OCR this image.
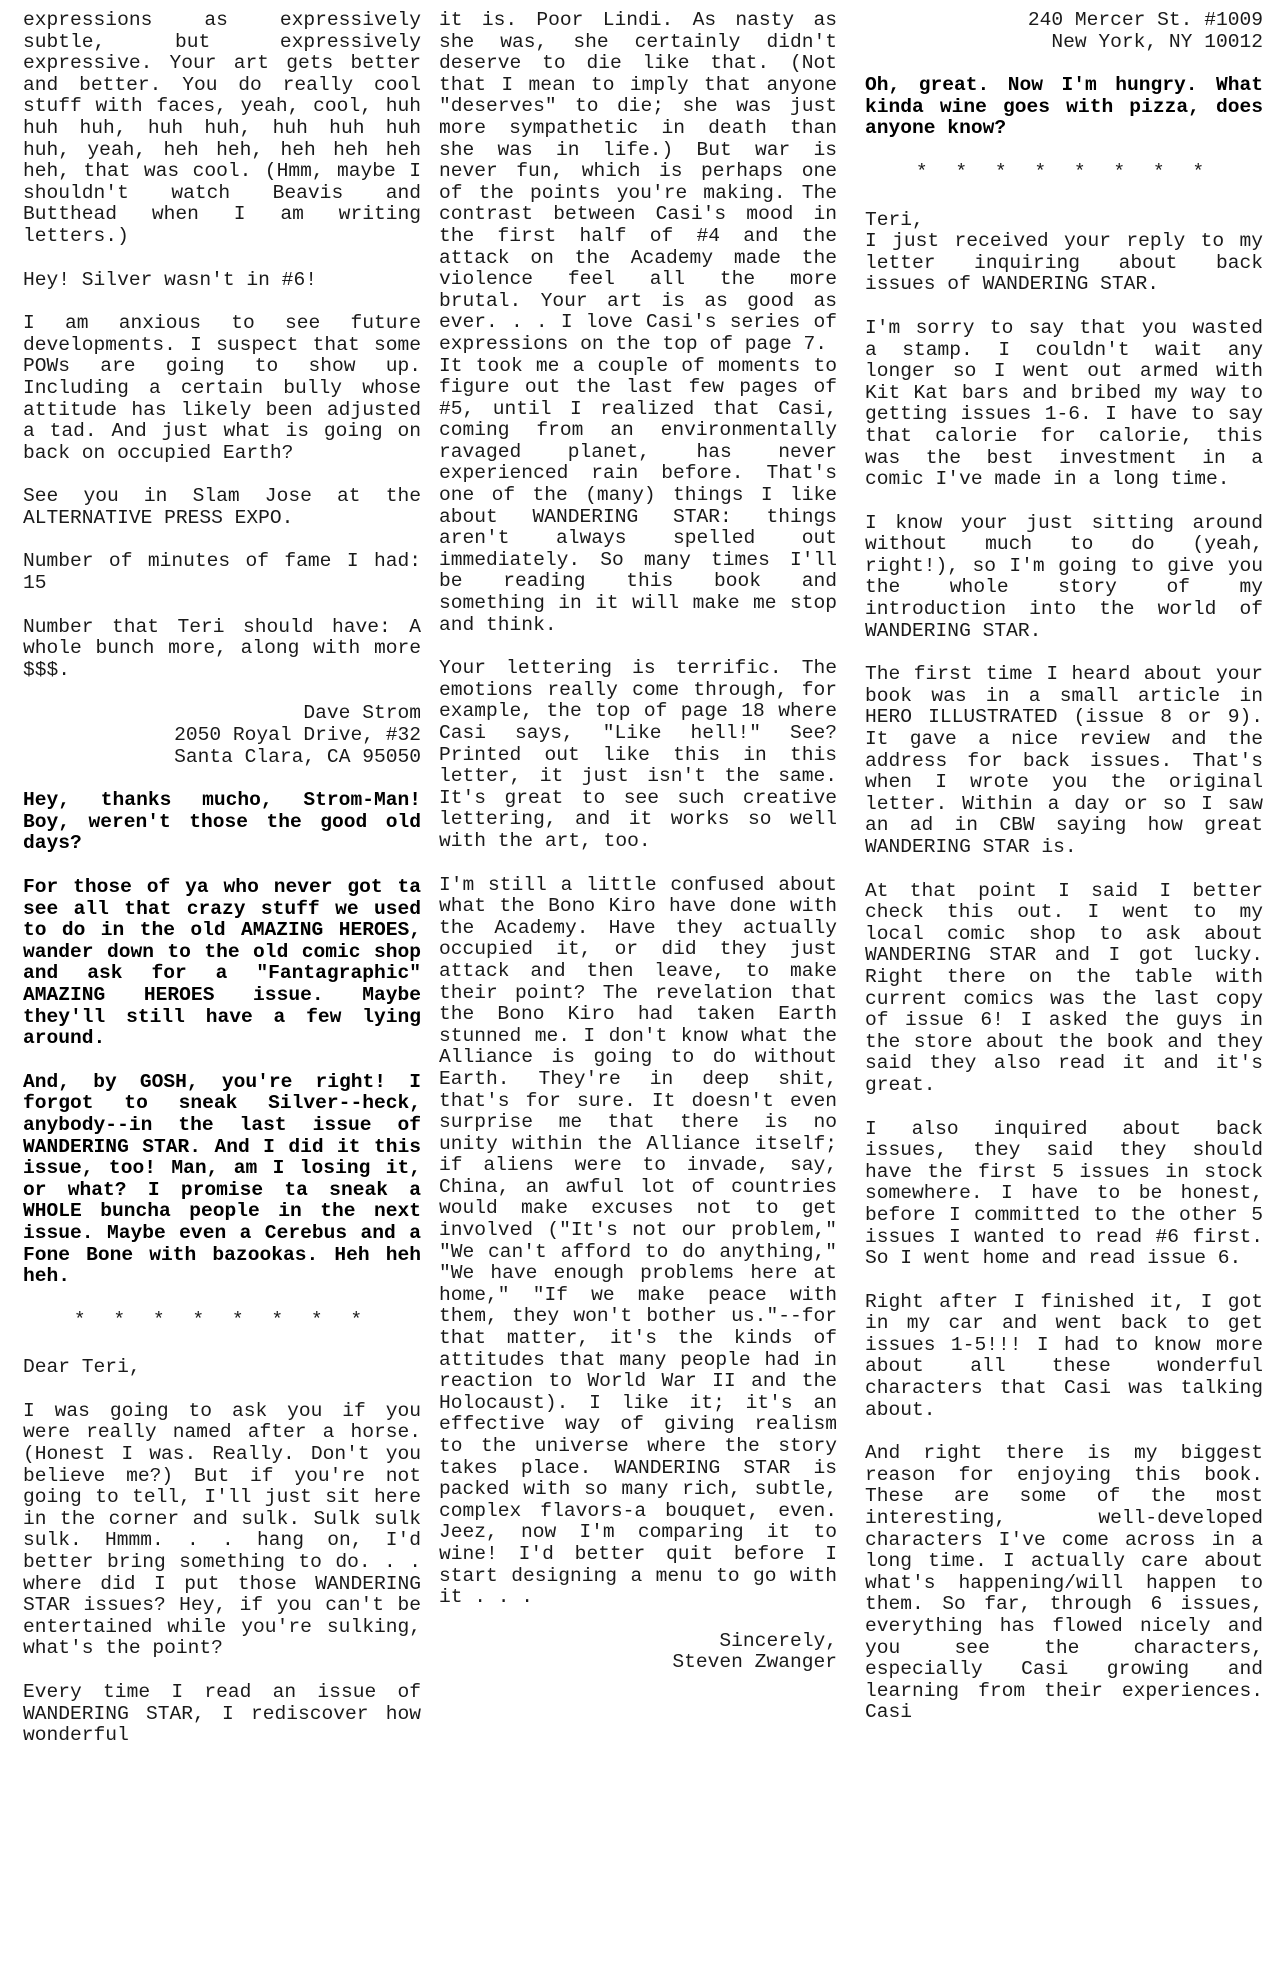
expressions as expressively subtle, but expressively expressive. Your art gets better and better. You do really cool stuff with faces, yeah, cool, huh huh huh, huh huh, huh huh huh huh, yeah, heh heh, heh heh heh heh, that was cool. (Hmm, maybe I shouldn't watch Beavis and Butthead when I am writing letters.)

Hey! Silver wasn't in #6!

I am anxious to see future developments. I suspect that some POWs are going to show up. Including a certain bully whose attitude has likely been adjusted a tad. And just what is going on back on occupied Earth?

See you in Slam Jose at the ALTERNATIVE PRESS EXPO.

Number of minutes of fame I had: 15

Number that Teri should have: A whole bunch more, along with more $$$.

Dave Strom
2050 Royal Drive, #32
Santa Clara, CA 95050

Hey, thanks mucho, Strom-Man! Boy, weren't those the good old days?

For those of ya who never got ta see all that crazy stuff we used to do in the old AMAZING HEROES, wander down to the old comic shop and ask for a "Fantagraphic" AMAZING HEROES issue. Maybe they'll still have a few lying around.

And, by GOSH, you're right! I forgot to sneak Silver--heck, anybody--in the last issue of WANDERING STAR. And I did it this issue, too! Man, am I losing it, or what? I promise ta sneak a WHOLE buncha people in the next issue. Maybe even a Cerebus and a Fone Bone with bazookas. Heh heh heh.

* * * * * * * *

Dear Teri,

I was going to ask you if you were really named after a horse. (Honest I was. Really. Don't you believe me?) But if you're not going to tell, I'll just sit here in the corner and sulk. Sulk sulk sulk. Hmmm. . . hang on, I'd better bring something to do. . . where did I put those WANDERING STAR issues? Hey, if you can't be entertained while you're sulking, what's the point?

Every time I read an issue of WANDERING STAR, I rediscover how wonderful

it is. Poor Lindi. As nasty as she was, she certainly didn't deserve to die like that. (Not that I mean to imply that anyone "deserves" to die; she was just more sympathetic in death than she was in life.) But war is never fun, which is perhaps one of the points you're making. The contrast between Casi's mood in the first half of #4 and the attack on the Academy made the violence feel all the more brutal. Your art is as good as ever. . . I love Casi's series of expressions on the top of page 7.

It took me a couple of moments to figure out the last few pages of #5, until I realized that Casi, coming from an environmentally ravaged planet, has never experienced rain before. That's one of the (many) things I like about WANDERING STAR: things aren't always spelled out immediately. So many times I'll be reading this book and something in it will make me stop and think.

Your lettering is terrific. The emotions really come through, for example, the top of page 18 where Casi says, "Like hell!" See? Printed out like this in this letter, it just isn't the same. It's great to see such creative lettering, and it works so well with the art, too.

I'm still a little confused about what the Bono Kiro have done with the Academy. Have they actually occupied it, or did they just attack and then leave, to make their point? The revelation that the Bono Kiro had taken Earth stunned me. I don't know what the Alliance is going to do without Earth. They're in deep shit, that's for sure. It doesn't even surprise me that there is no unity within the Alliance itself; if aliens were to invade, say, China, an awful lot of countries would make excuses not to get involved ("It's not our problem," "We can't afford to do anything," "We have enough problems here at home," "If we make peace with them, they won't bother us."--for that matter, it's the kinds of attitudes that many people had in reaction to World War II and the Holocaust). I like it; it's an effective way of giving realism to the universe where the story takes place. WANDERING STAR is packed with so many rich, subtle, complex flavors-a bouquet, even. Jeez, now I'm comparing it to wine! I'd better quit before I start designing a menu to go with it . . .

Sincerely,
Steven Zwanger

240 Mercer St. #1009
New York, NY 10012

Oh, great. Now I'm hungry. What kinda wine goes with pizza, does anyone know?

* * * * * * * *

Teri,

I just received your reply to my letter inquiring about back issues of WANDERING STAR.

I'm sorry to say that you wasted a stamp. I couldn't wait any longer so I went out armed with Kit Kat bars and bribed my way to getting issues 1-6. I have to say that calorie for calorie, this was the best investment in a comic I've made in a long time.

I know your just sitting around without much to do (yeah, right!), so I'm going to give you the whole story of my introduction into the world of WANDERING STAR.

The first time I heard about your book was in a small article in HERO ILLUSTRATED (issue 8 or 9). It gave a nice review and the address for back issues. That's when I wrote you the original letter. Within a day or so I saw an ad in CBW saying how great WANDERING STAR is.

At that point I said I better check this out. I went to my local comic shop to ask about WANDERING STAR and I got lucky. Right there on the table with current comics was the last copy of issue 6! I asked the guys in the store about the book and they said they also read it and it's great.

I also inquired about back issues, they said they should have the first 5 issues in stock somewhere. I have to be honest, before I committed to the other 5 issues I wanted to read #6 first. So I went home and read issue 6.

Right after I finished it, I got in my car and went back to get issues 1-5!!! I had to know more about all these wonderful characters that Casi was talking about.

And right there is my biggest reason for enjoying this book. These are some of the most interesting, well-developed characters I've come across in a long time. I actually care about what's happening/will happen to them. So far, through 6 issues, everything has flowed nicely and you see the characters, especially Casi growing and learning from their experiences. Casi
